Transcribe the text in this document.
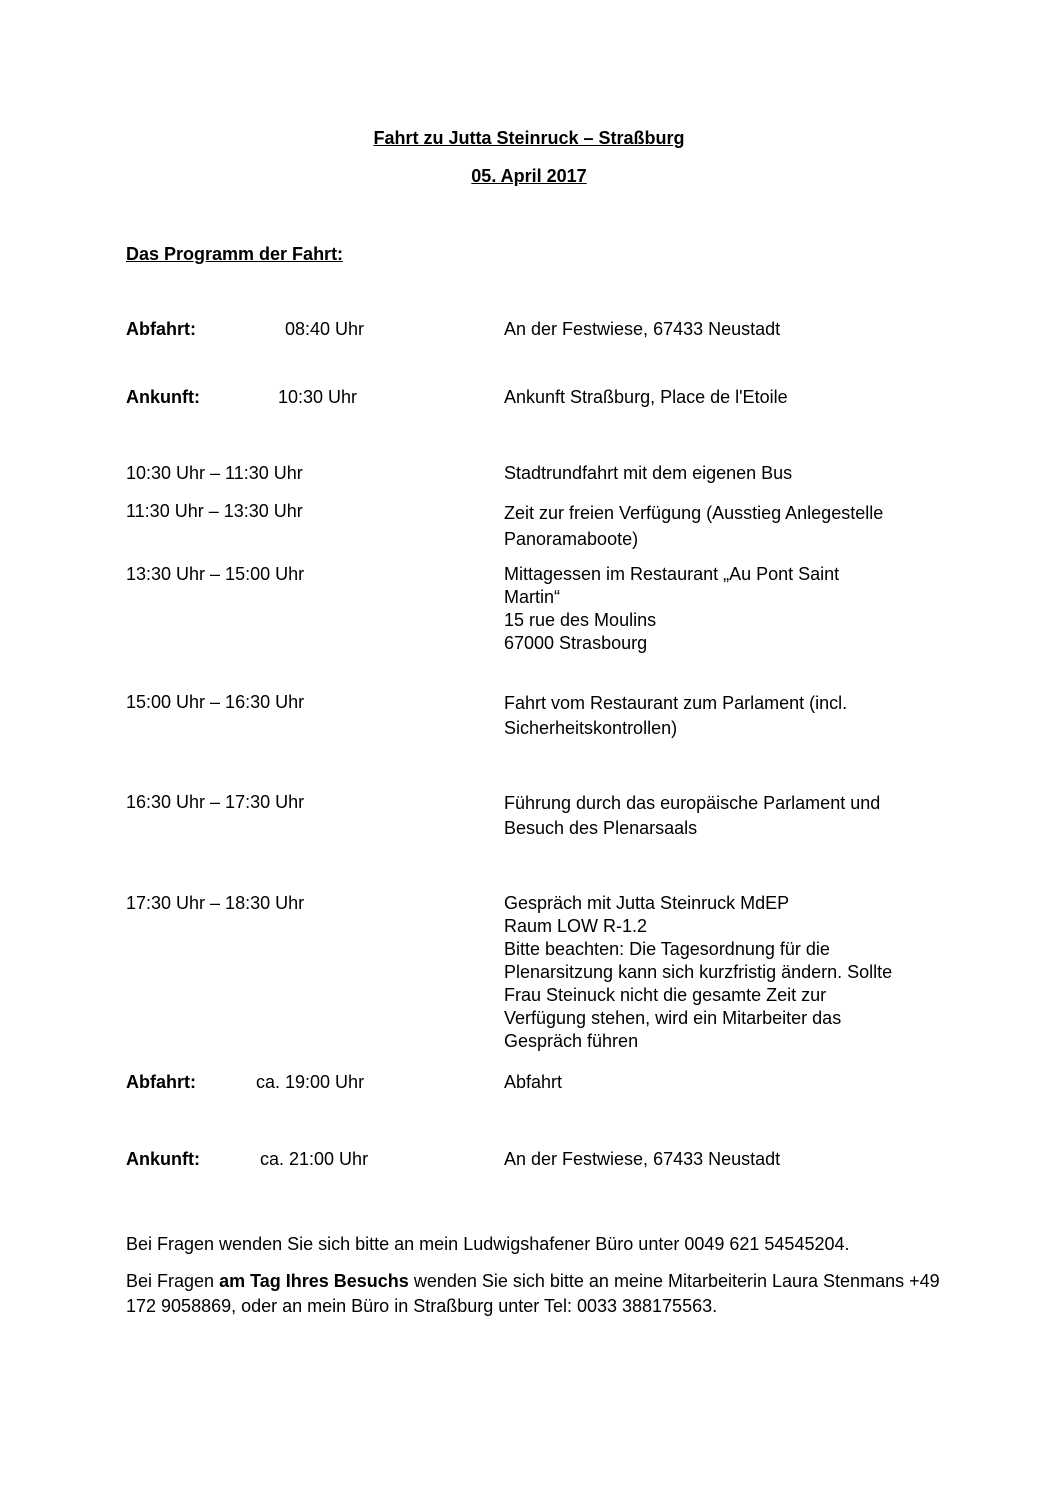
Fahrt zu Jutta Steinruck – Straßburg
05. April 2017
Das Programm der Fahrt:
Abfahrt:	08:40 Uhr	An der Festwiese, 67433 Neustadt
Ankunft:	10:30 Uhr	Ankunft Straßburg, Place de l'Etoile
10:30 Uhr – 11:30 Uhr	Stadtrundfahrt mit dem eigenen Bus
11:30 Uhr – 13:30 Uhr	Zeit zur freien Verfügung (Ausstieg Anlegestelle
Panoramaboote)
13:30 Uhr – 15:00 Uhr	Mittagessen im Restaurant „Au Pont Saint
Martin“
15 rue des Moulins
67000 Strasbourg
15:00 Uhr – 16:30 Uhr	Fahrt vom Restaurant zum Parlament (incl.
Sicherheitskontrollen)
16:30 Uhr – 17:30 Uhr	Führung durch das europäische Parlament und
Besuch des Plenarsaals
17:30 Uhr – 18:30 Uhr	Gespräch mit Jutta Steinruck MdEP
Raum LOW R-1.2
Bitte beachten: Die Tagesordnung für die
Plenarsitzung kann sich kurzfristig ändern. Sollte
Frau Steinuck nicht die gesamte Zeit zur
Verfügung stehen, wird ein Mitarbeiter das
Gespräch führen
Abfahrt:	ca. 19:00 Uhr	Abfahrt
Ankunft:	ca. 21:00 Uhr	An der Festwiese, 67433 Neustadt
Bei Fragen wenden Sie sich bitte an mein Ludwigshafener Büro unter 0049 621 54545204.
Bei Fragen am Tag Ihres Besuchs wenden Sie sich bitte an meine Mitarbeiterin Laura Stenmans +49 172 9058869, oder an mein Büro in Straßburg unter Tel: 0033 388175563.
